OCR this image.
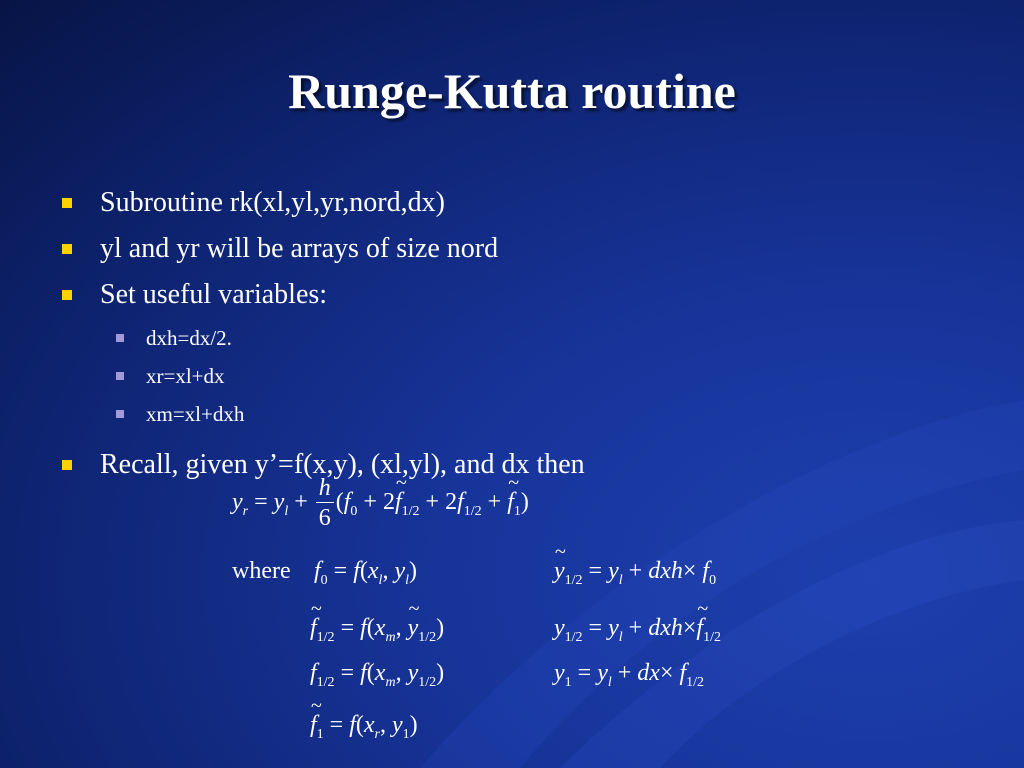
Runge-Kutta routine
Subroutine rk(xl,yl,yr,nord,dx)
yl and yr will be arrays of size nord
Set useful variables:
dxh=dx/2.
xr=xl+dx
xm=xl+dxh
Recall, given y’=f(x,y), (xl,yl), and dx then
$y_r = y_l + \frac{h}{6} (f_0$ + 2~ $f_{1/2} + 2f_{1/2}$ +~ $f_1$)
where $f_0 = f(x_l$, $y_l$)
~ $f_{1/2} = f(x_m$, ~ $y_{1/2}$)
$f_{1/2} = f(x_m$, $y_{1/2}$)
~ $f_1 = f(x_r$, $y_1$)
~ $y_{1/2} = y_l + dxh\times f_0$
$y_{1/2} = y_l$ + dxh×~ $f_{1/2}$
$y_1 = y_l + dx\times f_{1/2}$
